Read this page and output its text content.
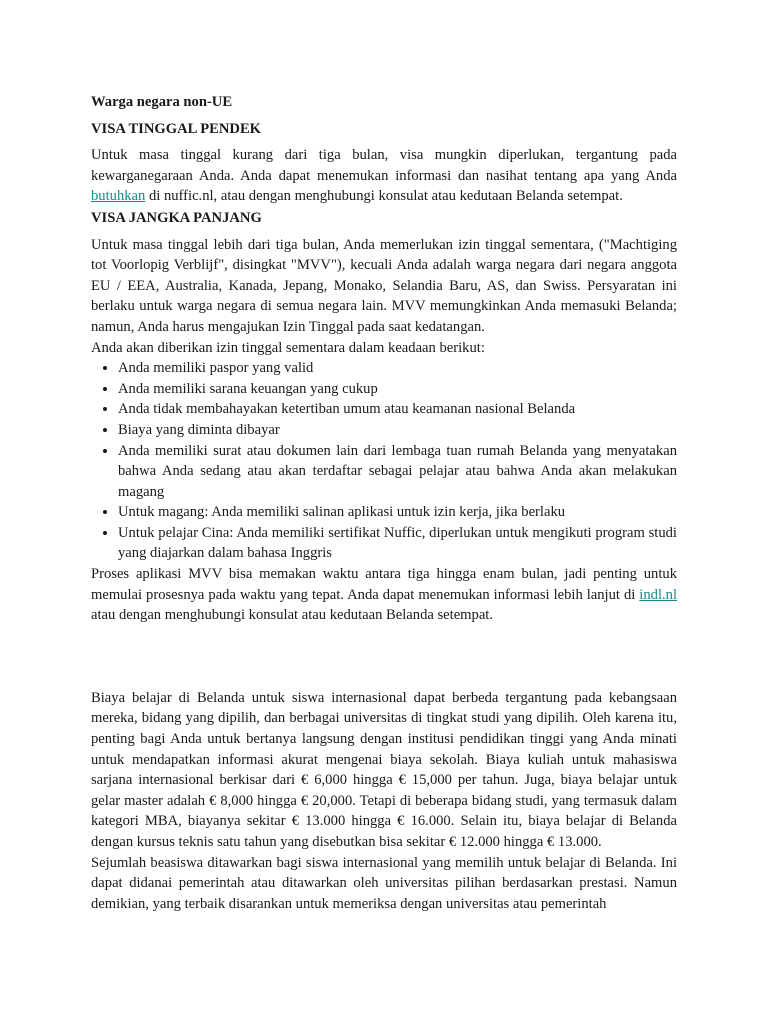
Warga negara non-UE

VISA TINGGAL PENDEK

Untuk masa tinggal kurang dari tiga bulan, visa mungkin diperlukan, tergantung pada kewarganegaraan Anda. Anda dapat menemukan informasi dan nasihat tentang apa yang Anda butuhkan di nuffic.nl, atau dengan menghubungi konsulat atau kedutaan Belanda setempat.

VISA JANGKA PANJANG

Untuk masa tinggal lebih dari tiga bulan, Anda memerlukan izin tinggal sementara, ("Machtiging tot Voorlopig Verblijf", disingkat "MVV"), kecuali Anda adalah warga negara dari negara anggota EU / EEA, Australia, Kanada, Jepang, Monako, Selandia Baru, AS, dan Swiss. Persyaratan ini berlaku untuk warga negara di semua negara lain. MVV memungkinkan Anda memasuki Belanda; namun, Anda harus mengajukan Izin Tinggal pada saat kedatangan.

Anda akan diberikan izin tinggal sementara dalam keadaan berikut:

• Anda memiliki paspor yang valid
• Anda memiliki sarana keuangan yang cukup
• Anda tidak membahayakan ketertiban umum atau keamanan nasional Belanda
• Biaya yang diminta dibayar
• Anda memiliki surat atau dokumen lain dari lembaga tuan rumah Belanda yang menyatakan bahwa Anda sedang atau akan terdaftar sebagai pelajar atau bahwa Anda akan melakukan magang
• Untuk magang: Anda memiliki salinan aplikasi untuk izin kerja, jika berlaku
• Untuk pelajar Cina: Anda memiliki sertifikat Nuffic, diperlukan untuk mengikuti program studi yang diajarkan dalam bahasa Inggris

Proses aplikasi MVV bisa memakan waktu antara tiga hingga enam bulan, jadi penting untuk memulai prosesnya pada waktu yang tepat. Anda dapat menemukan informasi lebih lanjut di indl.nl atau dengan menghubungi konsulat atau kedutaan Belanda setempat.

Biaya belajar di Belanda untuk siswa internasional dapat berbeda tergantung pada kebangsaan mereka, bidang yang dipilih, dan berbagai universitas di tingkat studi yang dipilih. Oleh karena itu, penting bagi Anda untuk bertanya langsung dengan institusi pendidikan tinggi yang Anda minati untuk mendapatkan informasi akurat mengenai biaya sekolah. Biaya kuliah untuk mahasiswa sarjana internasional berkisar dari € 6,000 hingga € 15,000 per tahun. Juga, biaya belajar untuk gelar master adalah € 8,000 hingga € 20,000. Tetapi di beberapa bidang studi, yang termasuk dalam kategori MBA, biayanya sekitar € 13.000 hingga € 16.000. Selain itu, biaya belajar di Belanda dengan kursus teknis satu tahun yang disebutkan bisa sekitar € 12.000 hingga € 13.000.

Sejumlah beasiswa ditawarkan bagi siswa internasional yang memilih untuk belajar di Belanda. Ini dapat didanai pemerintah atau ditawarkan oleh universitas pilihan berdasarkan prestasi. Namun demikian, yang terbaik disarankan untuk memeriksa dengan universitas atau pemerintah
